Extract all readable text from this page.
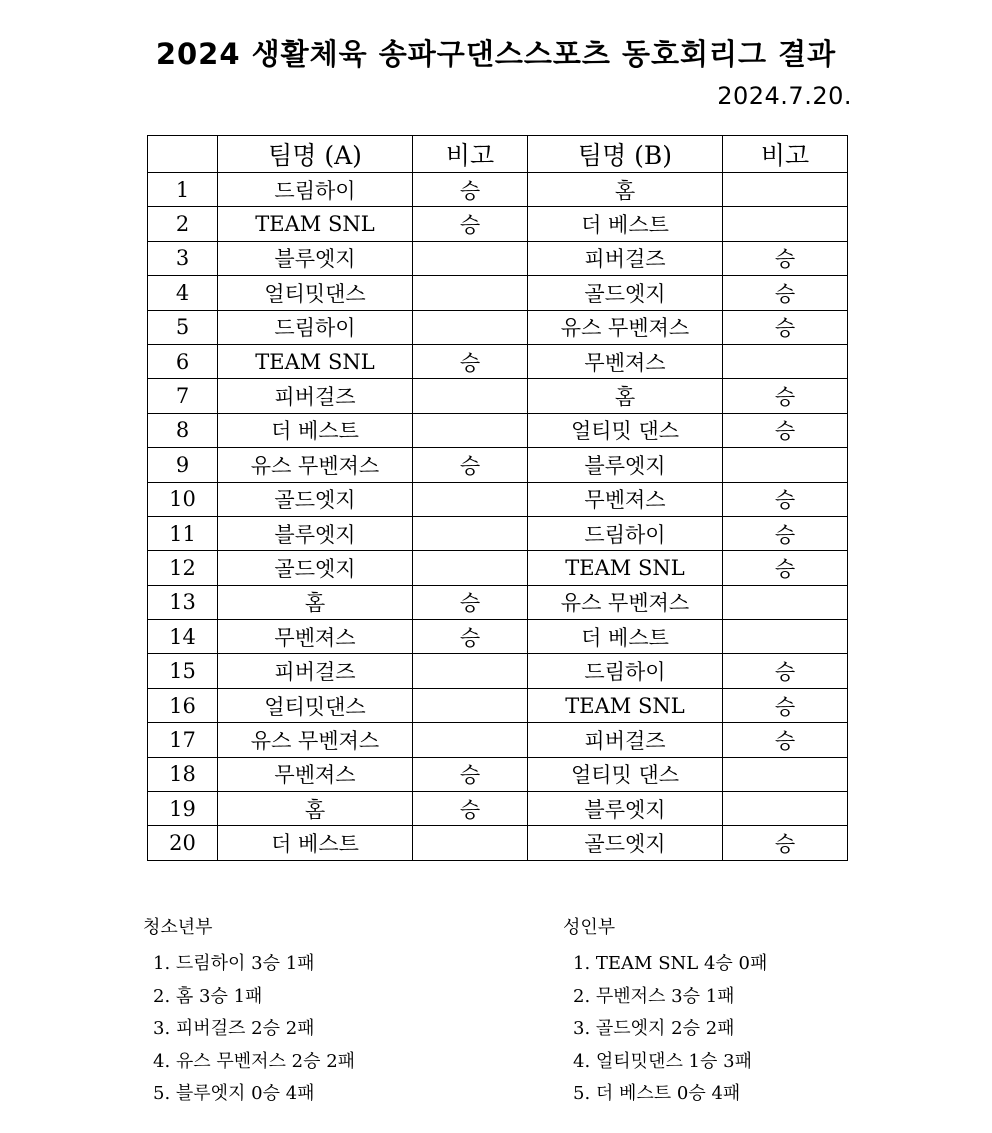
2024 생활체육 송파구댄스스포츠 동호회리그 결과
2024.7.20.
	팀명 (A)	비고	팀명 (B)	비고
1	드림하이	승	홈	
2	TEAM SNL	승	더 베스트	
3	블루엣지		피버걸즈	승
4	얼티밋댄스		골드엣지	승
5	드림하이		유스 무벤져스	승
6	TEAM SNL	승	무벤져스	
7	피버걸즈		홈	승
8	더 베스트		얼티밋 댄스	승
9	유스 무벤져스	승	블루엣지	
10	골드엣지		무벤져스	승
11	블루엣지		드림하이	승
12	골드엣지		TEAM SNL	승
13	홈	승	유스 무벤져스	
14	무벤져스	승	더 베스트	
15	피버걸즈		드림하이	승
16	얼티밋댄스		TEAM SNL	승
17	유스 무벤져스		피버걸즈	승
18	무벤져스	승	얼티밋 댄스	
19	홈	승	블루엣지	
20	더 베스트		골드엣지	승
청소년부
1. 드림하이 3승 1패
2. 홈 3승 1패
3. 피버걸즈 2승 2패
4. 유스 무벤저스 2승 2패
5. 블루엣지 0승 4패
성인부
1. TEAM SNL 4승 0패
2. 무벤저스 3승 1패
3. 골드엣지 2승 2패
4. 얼티밋댄스 1승 3패
5. 더 베스트 0승 4패
